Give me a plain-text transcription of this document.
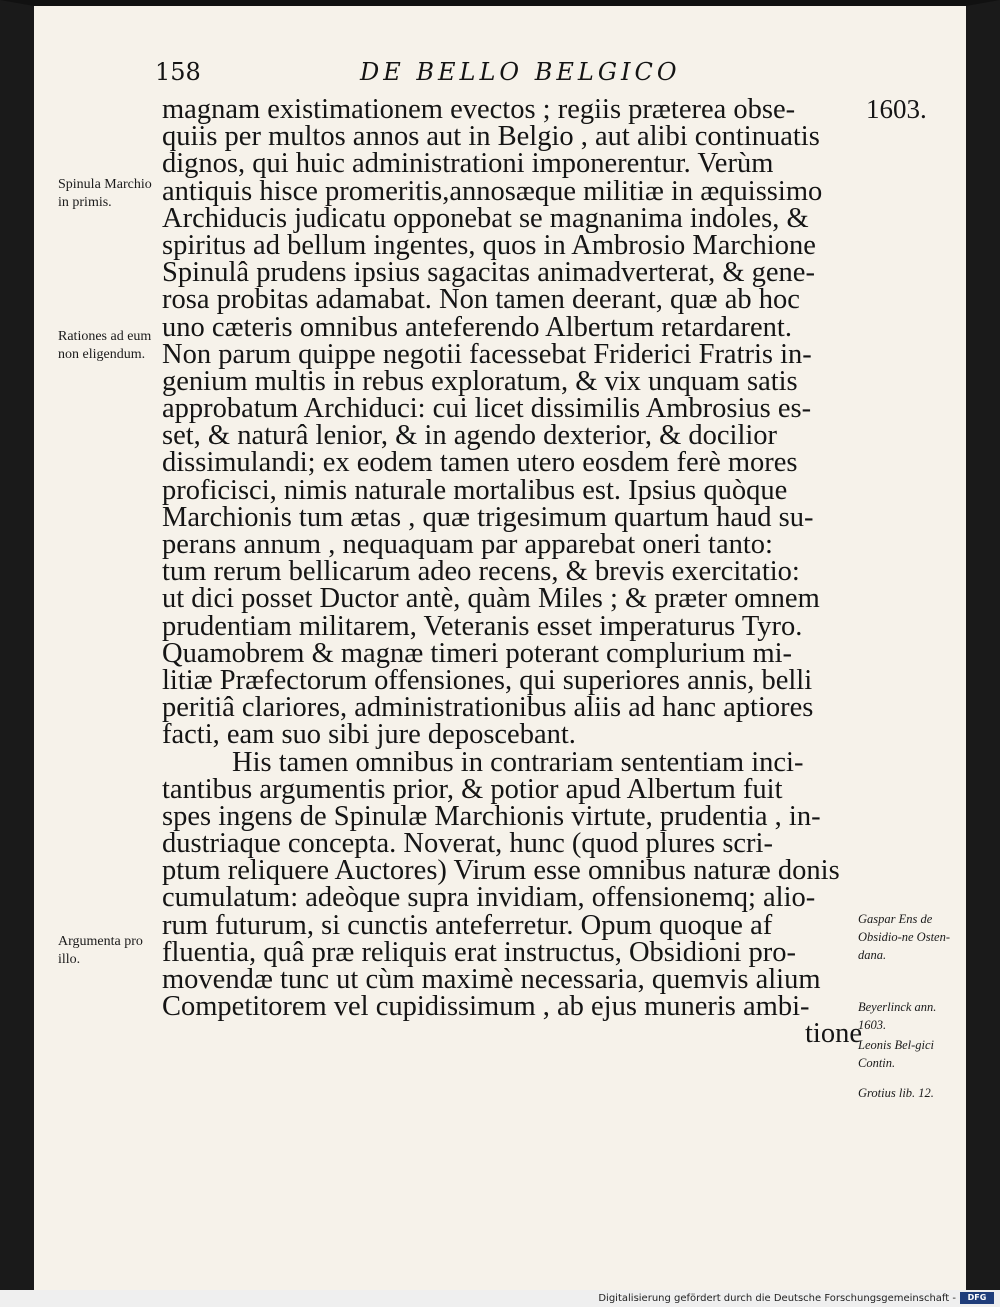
158	DE BELLO BELGICO
1603.
magnam existimationem evectos ; regiis præterea obse-
quiis per multos annos aut in Belgio , aut alibi continuatis
dignos, qui huic administrationi imponerentur. Verùm
antiquis hisce promeritis,annosæque militiæ in æquissimo
Archiducis judicatu opponebat se magnanima indoles, &
spiritus ad bellum ingentes, quos in Ambrosio Marchione
Spinulâ prudens ipsius sagacitas animadverterat, & gene-
rosa probitas adamabat. Non tamen deerant, quæ ab hoc
uno cæteris omnibus anteferendo Albertum retardarent.
Non parum quippe negotii facessebat Friderici Fratris in-
genium multis in rebus exploratum, & vix unquam satis
approbatum Archiduci: cui licet dissimilis Ambrosius es-
set, & naturâ lenior, & in agendo dexterior, & docilior
dissimulandi; ex eodem tamen utero eosdem ferè mores
proficisci, nimis naturale mortalibus est. Ipsius quòque
Marchionis tum ætas , quæ trigesimum quartum haud su-
perans annum , nequaquam par apparebat oneri tanto:
tum rerum bellicarum adeo recens, & brevis exercitatio:
ut dici posset Ductor antè, quàm Miles ; & præter omnem
prudentiam militarem, Veteranis esset imperaturus Tyro.
Quamobrem & magnæ timeri poterant complurium mi-
litiæ Præfectorum offensiones, qui superiores annis, belli
peritiâ clariores, administrationibus aliis ad hanc aptiores
facti, eam suo sibi jure deposcebant.
His tamen omnibus in contrariam sententiam inci-
tantibus argumentis prior, & potior apud Albertum fuit
spes ingens de Spinulæ Marchionis virtute, prudentia , in-
dustriaque concepta. Noverat, hunc (quod plures scri-
ptum reliquere Auctores) Virum esse omnibus naturæ donis
cumulatum: adeòque supra invidiam, offensionemq; alio-
rum futurum, si cunctis anteferretur. Opum quoque af
fluentia, quâ præ reliquis erat instructus, Obsidioni pro-
movendæ tunc ut cùm maximè necessaria, quemvis alium
Competitorem vel cupidissimum , ab ejus muneris ambi-
tione
Spinula Marchio in primis.
Rationes ad eum non eligendum.
Argumenta pro illo.
Gaspar Ens de Obsidio-ne Osten-dana.
Beyerlinck ann. 1603.
Leonis Bel-gici Contin.
Grotius lib. 12.
Digitalisierung gefördert durch die Deutsche Forschungsgemeinschaft -	DFG
